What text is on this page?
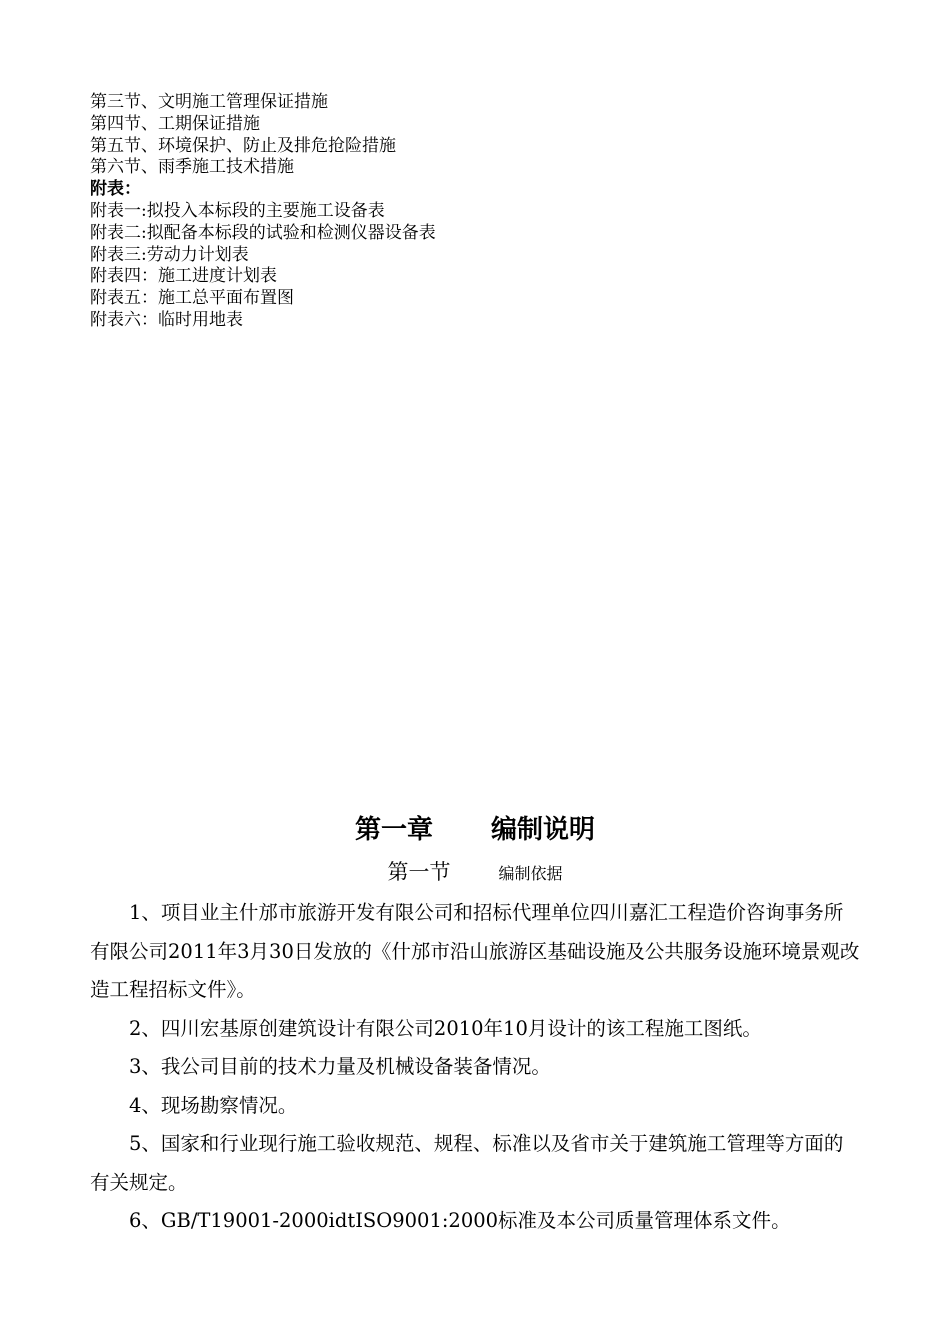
第三节、文明施工管理保证措施
第四节、工期保证措施
第五节、环境保护、防止及排危抢险措施
第六节、雨季施工技术措施
附表：
附表一:拟投入本标段的主要施工设备表
附表二:拟配备本标段的试验和检测仪器设备表
附表三:劳动力计划表
附表四：施工进度计划表
附表五：施工总平面布置图
附表六：临时用地表
第一章 编制说明
第一节	编制依据

1、项目业主什邡市旅游开发有限公司和招标代理单位四川嘉汇工程造价咨询事务所有限公司2011年3月30日发放的《什邡市沿山旅游区基础设施及公共服务设施环境景观改造工程招标文件》。

2、四川宏基原创建筑设计有限公司2010年10月设计的该工程施工图纸。

3、我公司目前的技术力量及机械设备装备情况。

4、现场勘察情况。

5、国家和行业现行施工验收规范、规程、标准以及省市关于建筑施工管理等方面的有关规定。

6、GB/T19001-2000idtISO9001:2000标准及本公司质量管理体系文件。
